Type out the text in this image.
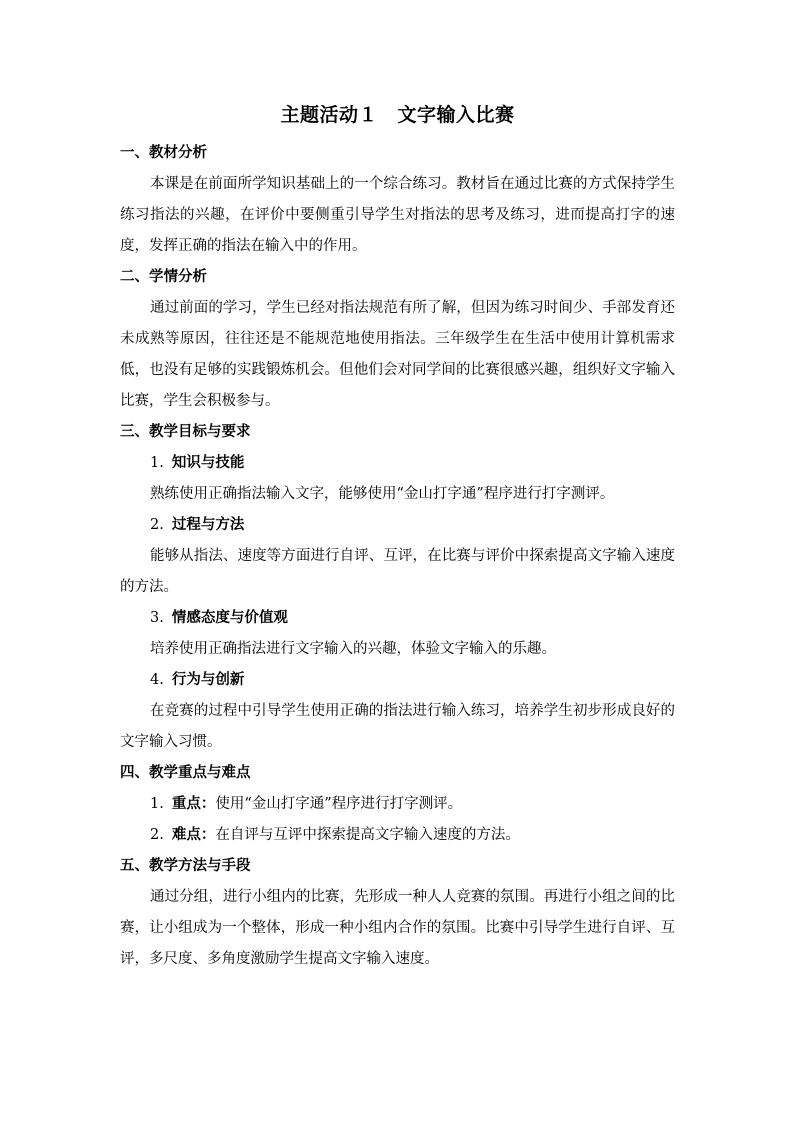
主题活动１　文字输入比赛
一、教材分析

本课是在前面所学知识基础上的一个综合练习。教材旨在通过比赛的方式保持学生练习指法的兴趣，在评价中要侧重引导学生对指法的思考及练习，进而提高打字的速度，发挥正确的指法在输入中的作用。

二、学情分析

通过前面的学习，学生已经对指法规范有所了解，但因为练习时间少、手部发育还未成熟等原因，往往还是不能规范地使用指法。三年级学生在生活中使用计算机需求低，也没有足够的实践锻炼机会。但他们会对同学间的比赛很感兴趣，组织好文字输入比赛，学生会积极参与。

三、教学目标与要求
1. 知识与技能

熟练使用正确指法输入文字，能够使用“金山打字通”程序进行打字测评。

2. 过程与方法

能够从指法、速度等方面进行自评、互评，在比赛与评价中探索提高文字输入速度的方法。

3. 情感态度与价值观

培养使用正确指法进行文字输入的兴趣，体验文字输入的乐趣。

4. 行为与创新

在竞赛的过程中引导学生使用正确的指法进行输入练习，培养学生初步形成良好的文字输入习惯。

四、教学重点与难点
1. 重点：使用“金山打字通”程序进行打字测评。
2. 难点：在自评与互评中探索提高文字输入速度的方法。
五、教学方法与手段

通过分组，进行小组内的比赛，先形成一种人人竞赛的氛围。再进行小组之间的比赛，让小组成为一个整体，形成一种小组内合作的氛围。比赛中引导学生进行自评、互评，多尺度、多角度激励学生提高文字输入速度。
